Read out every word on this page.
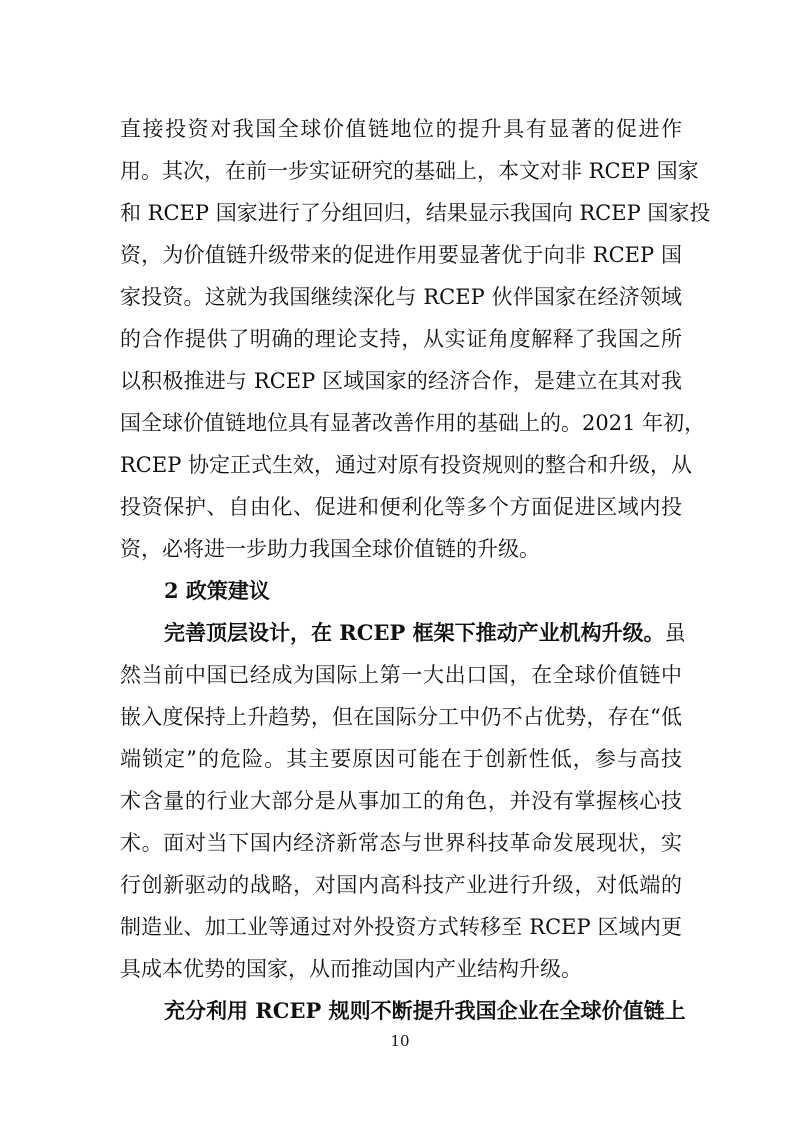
直接投资对我国全球价值链地位的提升具有显著的促进作
用。其次，在前一步实证研究的基础上，本文对非 RCEP 国家
和 RCEP 国家进行了分组回归，结果显示我国向 RCEP 国家投
资，为价值链升级带来的促进作用要显著优于向非 RCEP 国
家投资。这就为我国继续深化与 RCEP 伙伴国家在经济领域
的合作提供了明确的理论支持，从实证角度解释了我国之所
以积极推进与 RCEP 区域国家的经济合作，是建立在其对我
国全球价值链地位具有显著改善作用的基础上的。2021 年初，
RCEP 协定正式生效，通过对原有投资规则的整合和升级，从
投资保护、自由化、促进和便利化等多个方面促进区域内投
资，必将进一步助力我国全球价值链的升级。
2 政策建议
完善顶层设计，在 RCEP 框架下推动产业机构升级。虽
然当前中国已经成为国际上第一大出口国，在全球价值链中
嵌入度保持上升趋势，但在国际分工中仍不占优势，存在“低
端锁定”的危险。其主要原因可能在于创新性低，参与高技
术含量的行业大部分是从事加工的角色，并没有掌握核心技
术。面对当下国内经济新常态与世界科技革命发展现状，实
行创新驱动的战略，对国内高科技产业进行升级，对低端的
制造业、加工业等通过对外投资方式转移至 RCEP 区域内更
具成本优势的国家，从而推动国内产业结构升级。
充分利用 RCEP 规则不断提升我国企业在全球价值链上
10
